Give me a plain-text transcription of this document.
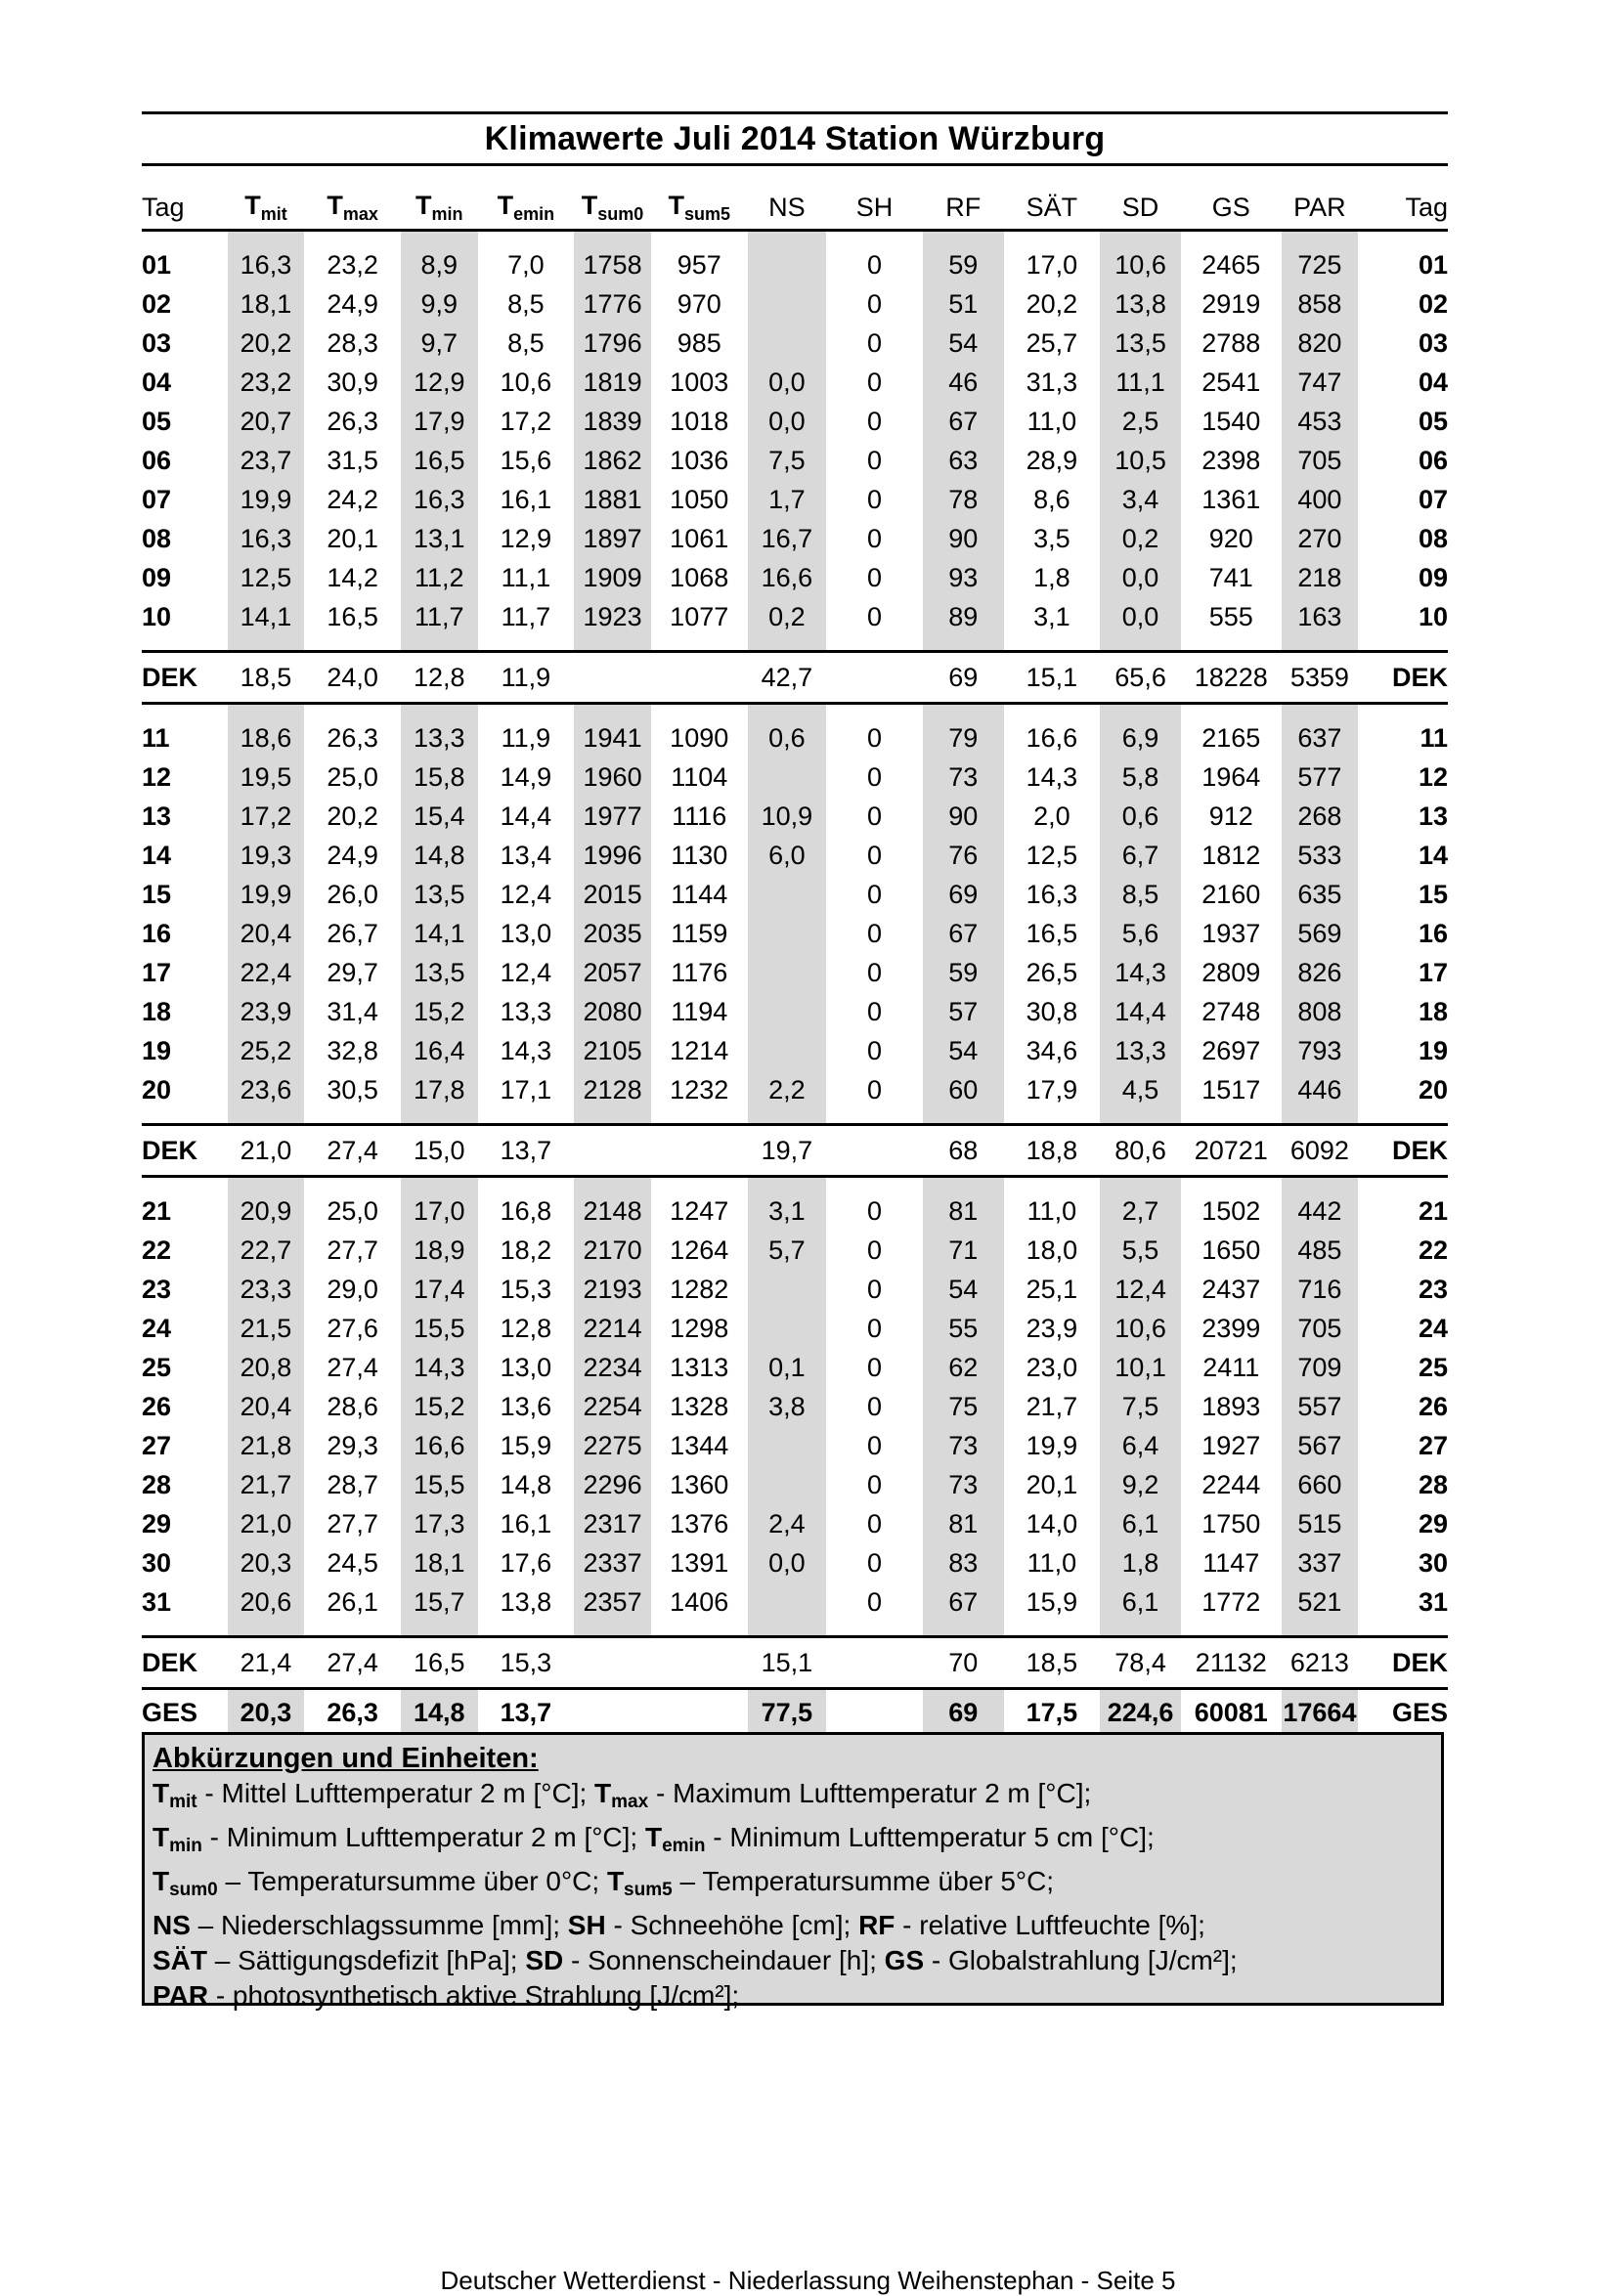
Klimawerte Juli 2014 Station Würzburg
Tag	$T_{mit}$	$T_{max}$	$T_{min}$	$T_{emin}$	$T_{sum0}$	$T_{sum5}$	NS	SH	RF	SÄT	SD	GS	PAR	Tag

01	16,3	23,2	8,9	7,0	1758	957		0	59	17,0	10,6	2465	725	01
02	18,1	24,9	9,9	8,5	1776	970		0	51	20,2	13,8	2919	858	02
03	20,2	28,3	9,7	8,5	1796	985		0	54	25,7	13,5	2788	820	03
04	23,2	30,9	12,9	10,6	1819	1003	0,0	0	46	31,3	11,1	2541	747	04
05	20,7	26,3	17,9	17,2	1839	1018	0,0	0	67	11,0	2,5	1540	453	05
06	23,7	31,5	16,5	15,6	1862	1036	7,5	0	63	28,9	10,5	2398	705	06
07	19,9	24,2	16,3	16,1	1881	1050	1,7	0	78	8,6	3,4	1361	400	07
08	16,3	20,1	13,1	12,9	1897	1061	16,7	0	90	3,5	0,2	920	270	08
09	12,5	14,2	11,2	11,1	1909	1068	16,6	0	93	1,8	0,0	741	218	09
10	14,1	16,5	11,7	11,7	1923	1077	0,2	0	89	3,1	0,0	555	163	10

DEK	18,5	24,0	12,8	11,9			42,7		69	15,1	65,6	18228	5359	DEK

11	18,6	26,3	13,3	11,9	1941	1090	0,6	0	79	16,6	6,9	2165	637	11
12	19,5	25,0	15,8	14,9	1960	1104		0	73	14,3	5,8	1964	577	12
13	17,2	20,2	15,4	14,4	1977	1116	10,9	0	90	2,0	0,6	912	268	13
14	19,3	24,9	14,8	13,4	1996	1130	6,0	0	76	12,5	6,7	1812	533	14
15	19,9	26,0	13,5	12,4	2015	1144		0	69	16,3	8,5	2160	635	15
16	20,4	26,7	14,1	13,0	2035	1159		0	67	16,5	5,6	1937	569	16
17	22,4	29,7	13,5	12,4	2057	1176		0	59	26,5	14,3	2809	826	17
18	23,9	31,4	15,2	13,3	2080	1194		0	57	30,8	14,4	2748	808	18
19	25,2	32,8	16,4	14,3	2105	1214		0	54	34,6	13,3	2697	793	19
20	23,6	30,5	17,8	17,1	2128	1232	2,2	0	60	17,9	4,5	1517	446	20

DEK	21,0	27,4	15,0	13,7			19,7		68	18,8	80,6	20721	6092	DEK

21	20,9	25,0	17,0	16,8	2148	1247	3,1	0	81	11,0	2,7	1502	442	21
22	22,7	27,7	18,9	18,2	2170	1264	5,7	0	71	18,0	5,5	1650	485	22
23	23,3	29,0	17,4	15,3	2193	1282		0	54	25,1	12,4	2437	716	23
24	21,5	27,6	15,5	12,8	2214	1298		0	55	23,9	10,6	2399	705	24
25	20,8	27,4	14,3	13,0	2234	1313	0,1	0	62	23,0	10,1	2411	709	25
26	20,4	28,6	15,2	13,6	2254	1328	3,8	0	75	21,7	7,5	1893	557	26
27	21,8	29,3	16,6	15,9	2275	1344		0	73	19,9	6,4	1927	567	27
28	21,7	28,7	15,5	14,8	2296	1360		0	73	20,1	9,2	2244	660	28
29	21,0	27,7	17,3	16,1	2317	1376	2,4	0	81	14,0	6,1	1750	515	29
30	20,3	24,5	18,1	17,6	2337	1391	0,0	0	83	11,0	1,8	1147	337	30
31	20,6	26,1	15,7	13,8	2357	1406		0	67	15,9	6,1	1772	521	31

DEK	21,4	27,4	16,5	15,3			15,1		70	18,5	78,4	21132	6213	DEK
GES	20,3	26,3	14,8	13,7			77,5		69	17,5	224,6	60081	17664	GES
Abkürzungen und Einheiten:
$T_{mit}$ - Mittel Lufttemperatur 2 m [°C]; $T_{max}$ - Maximum Lufttemperatur 2 m [°C];
$T_{min}$ - Minimum Lufttemperatur 2 m [°C]; $T_{emin}$ - Minimum Lufttemperatur 5 cm [°C];
$T_{sum0}$ – Temperatursumme über 0°C; $T_{sum5}$ – Temperatursumme über 5°C;
NS – Niederschlagssumme [mm]; SH - Schneehöhe [cm]; RF - relative Luftfeuchte [%];
SÄT – Sättigungsdefizit [hPa]; SD - Sonnenscheindauer [h]; GS - Globalstrahlung [J/cm²];
PAR - photosynthetisch aktive Strahlung [J/cm²];
Deutscher Wetterdienst - Niederlassung Weihenstephan - Seite 5
